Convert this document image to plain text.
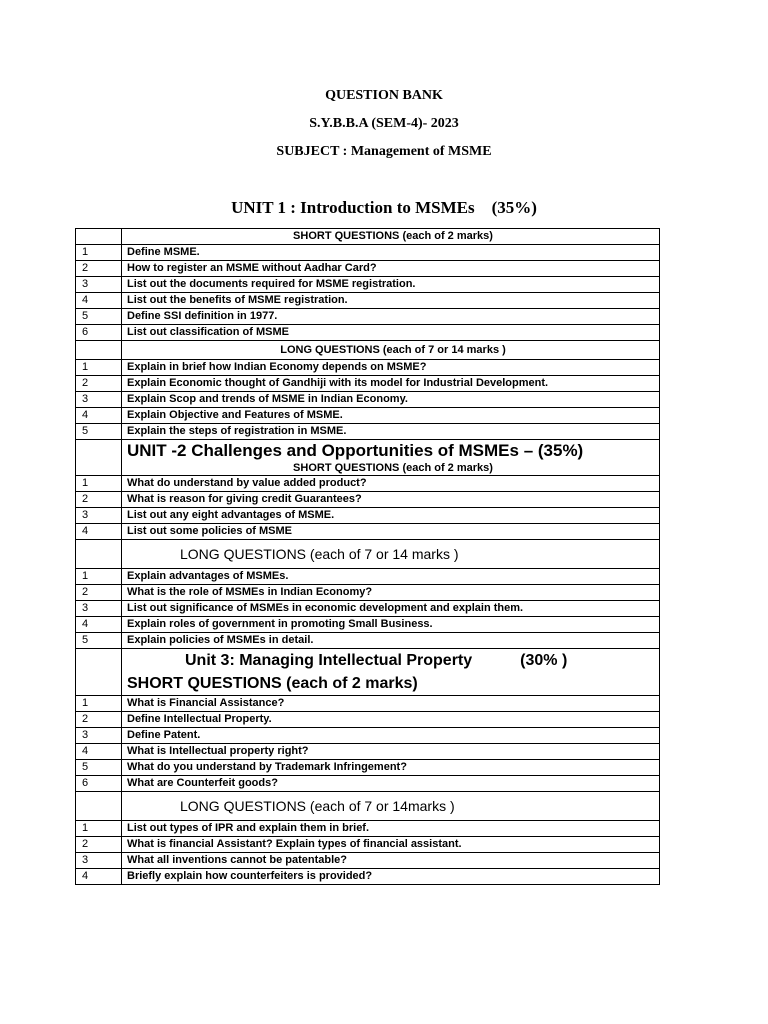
QUESTION BANK
S.Y.B.B.A (SEM-4)- 2023
SUBJECT : Management of MSME
UNIT 1 : Introduction to MSMEs    (35%)
	SHORT QUESTIONS (each of 2 marks)
1	Define MSME.
2	How to register an MSME without Aadhar Card?
3	List out the documents required for MSME registration.
4	List out the benefits of MSME registration.
5	Define SSI definition in 1977.
6	List out classification of MSME
	LONG QUESTIONS (each of 7 or 14 marks )
1	Explain in brief how Indian Economy depends on MSME?
2	Explain Economic thought of Gandhiji with its model for Industrial Development.
3	Explain Scop and trends of MSME in Indian Economy.
4	Explain Objective and Features of MSME.
5	Explain the steps of registration in MSME.

	UNIT -2 Challenges and Opportunities of MSMEs – (35%)
SHORT QUESTIONS (each of 2 marks)

1	What do understand by value added product?
2	What is reason for giving credit Guarantees?
3	List out any eight advantages of MSME.
4	List out some policies of MSME
	LONG QUESTIONS (each of 7 or 14 marks )
1	Explain advantages of MSMEs.
2	What is the role of MSMEs in Indian Economy?
3	List out significance of MSMEs in economic development and explain them.
4	Explain roles of government in promoting Small Business.
5	Explain policies of MSMEs in detail.

	Unit 3: Managing Intellectual Property (30% )
SHORT QUESTIONS (each of 2 marks)

1	What is Financial Assistance?
2	Define Intellectual Property.
3	Define Patent.
4	What is Intellectual property right?
5	What do you understand by Trademark Infringement?
6	What are Counterfeit goods?
	LONG QUESTIONS (each of 7 or 14marks )
1	List out types of IPR and explain them in brief.
2	What is financial Assistant? Explain types of financial assistant.
3	What all inventions cannot be patentable?
4	Briefly explain how counterfeiters is provided?
